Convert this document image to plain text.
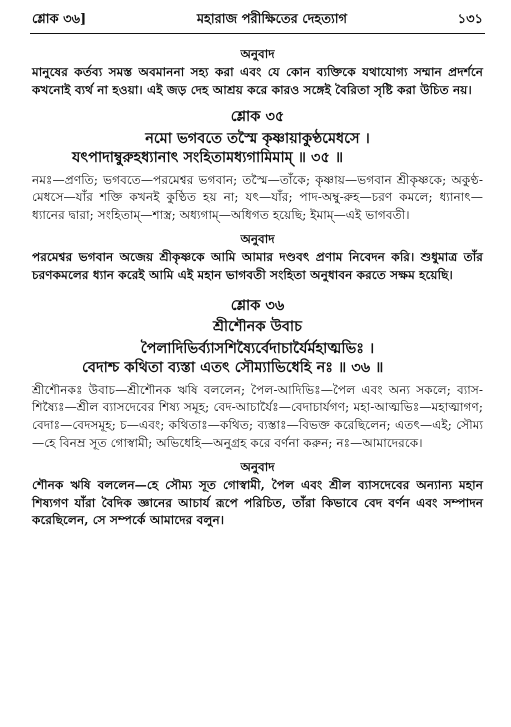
শ্লোক ৩৬]	মহারাজ পরীক্ষিতের দেহত্যাগ	১৩১
অনুবাদ

মানুষের কর্তব্য সমস্ত অবমাননা সহ্য করা এবং যে কোন ব্যক্তিকে যথাযোগ্য সম্মান প্রদর্শনে কখনোই ব্যর্থ না হওয়া। এই জড় দেহ আশ্রয় করে কারও সঙ্গেই বৈরিতা সৃষ্টি করা উচিত নয়।

শ্লোক ৩৫

নমো ভগবতে তস্মৈ কৃষ্ণায়াকুণ্ঠমেধসে ।

যৎপাদাম্বুরুহধ্যানাৎ সংহিতামধ্যগামিমাম্ ॥ ৩৫ ॥

নমঃ—প্রণতি; ভগবতে—পরমেশ্বর ভগবান; তস্মৈ—তাঁকে; কৃষ্ণায়—ভগবান শ্রীকৃষ্ণকে; অকুণ্ঠ-মেধসে—যাঁর শক্তি কখনই কুণ্ঠিত হয় না; যৎ—যাঁর; পাদ-অম্বু-রুহ—চরণ কমলে; ধ্যানাৎ—ধ্যানের দ্বারা; সংহিতাম্—শাস্ত্র; অধ্যগাম্—অধিগত হয়েছি; ইমাম্—এই ভাগবতী।

অনুবাদ

পরমেশ্বর ভগবান অজেয় শ্রীকৃষ্ণকে আমি আমার দণ্ডবৎ প্রণাম নিবেদন করি। শুধুমাত্র তাঁর চরণকমলের ধ্যান করেই আমি এই মহান ভাগবতী সংহিতা অনুধাবন করতে সক্ষম হয়েছি।

শ্লোক ৩৬
শ্রীশৌনক উবাচ

পৈলাদিভির্ব্যাসশিষ্যৈর্বেদাচার্যৈর্মহাত্মভিঃ ।

বেদাশ্চ কথিতা ব্যস্তা এতৎ সৌম্যাভিধেহি নঃ ॥ ৩৬ ॥

শ্রীশৌনকঃ উবাচ—শ্রীশৌনক ঋষি বললেন; পৈল-আদিভিঃ—পৈল এবং অন্য সকলে; ব্যাস-শিষ্যৈঃ—শ্রীল ব্যাসদেবের শিষ্য সমূহ; বেদ-আচার্যৈঃ—বেদাচার্যগণ; মহা-আত্মভিঃ—মহাত্মাগণ; বেদাঃ—বেদসমূহ; চ—এবং; কথিতাঃ—কথিত; ব্যস্তাঃ—বিভক্ত করেছিলেন; এতৎ—এই; সৌম্য—হে বিনম্র সূত গোস্বামী; অভিধেহি—অনুগ্রহ করে বর্ণনা করুন; নঃ—আমাদেরকে।

অনুবাদ

শৌনক ঋষি বললেন—হে সৌম্য সূত গোস্বামী, পৈল এবং শ্রীল ব্যাসদেবের অন্যান্য মহান শিষ্যগণ যাঁরা বৈদিক জ্ঞানের আচার্য রূপে পরিচিত, তাঁরা কিভাবে বেদ বর্ণন এবং সম্পাদন করেছিলেন, সে সম্পর্কে আমাদের বলুন।
